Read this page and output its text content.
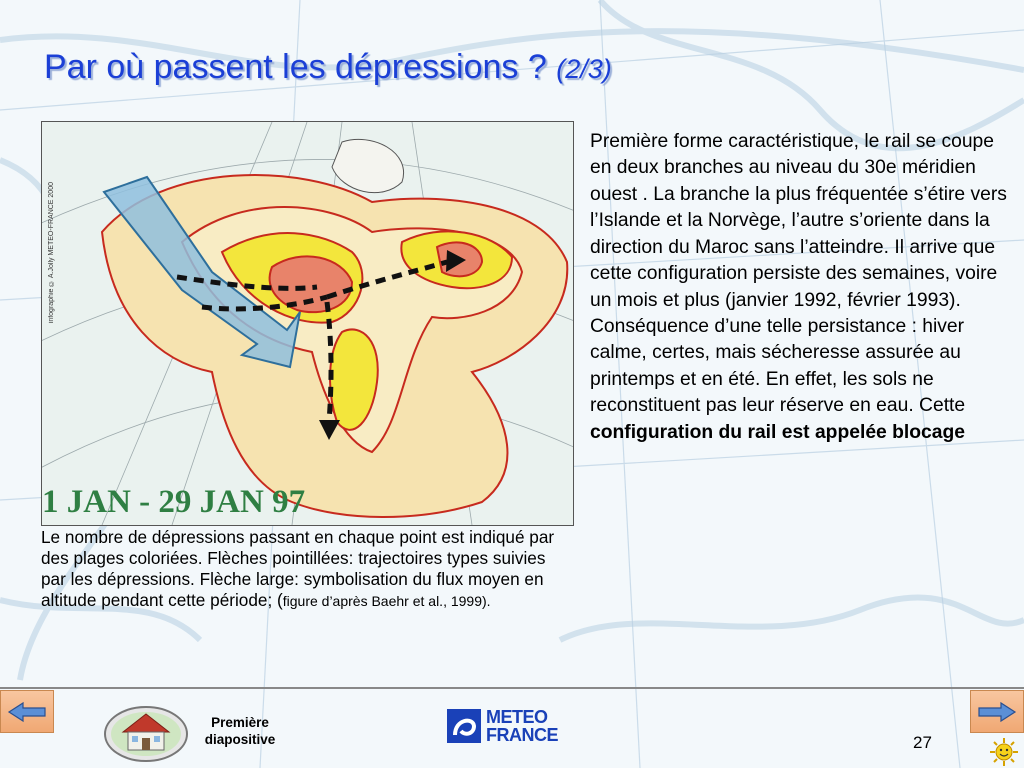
Par où passent les dépressions ? (2/3)
infographie © A.Jolly METEO-FRANCE 2000
1 JAN - 29 JAN 97
Le nombre de dépressions passant en chaque point est indiqué par des plages coloriées. Flèches pointillées: trajectoires types suivies par les dépressions. Flèche large: symbolisation du flux moyen en altitude pendant cette période; (figure d’après Baehr et al., 1999).
Première forme caractéristique, le rail se coupe en deux branches au niveau du 30e méridien ouest . La branche la plus fréquentée s’étire vers l’Islande et la Norvège, l’autre s’oriente dans la direction du Maroc sans l’atteindre. Il arrive que cette configuration persiste des semaines, voire un mois et plus (janvier 1992, février 1993). Conséquence d’une telle persistance : hiver calme, certes, mais sécheresse assurée au printemps et en été. En effet, les sols ne reconstituent pas leur réserve en eau. Cette configuration du rail est appelée blocage
Première
diapositive
METEO
FRANCE	27
